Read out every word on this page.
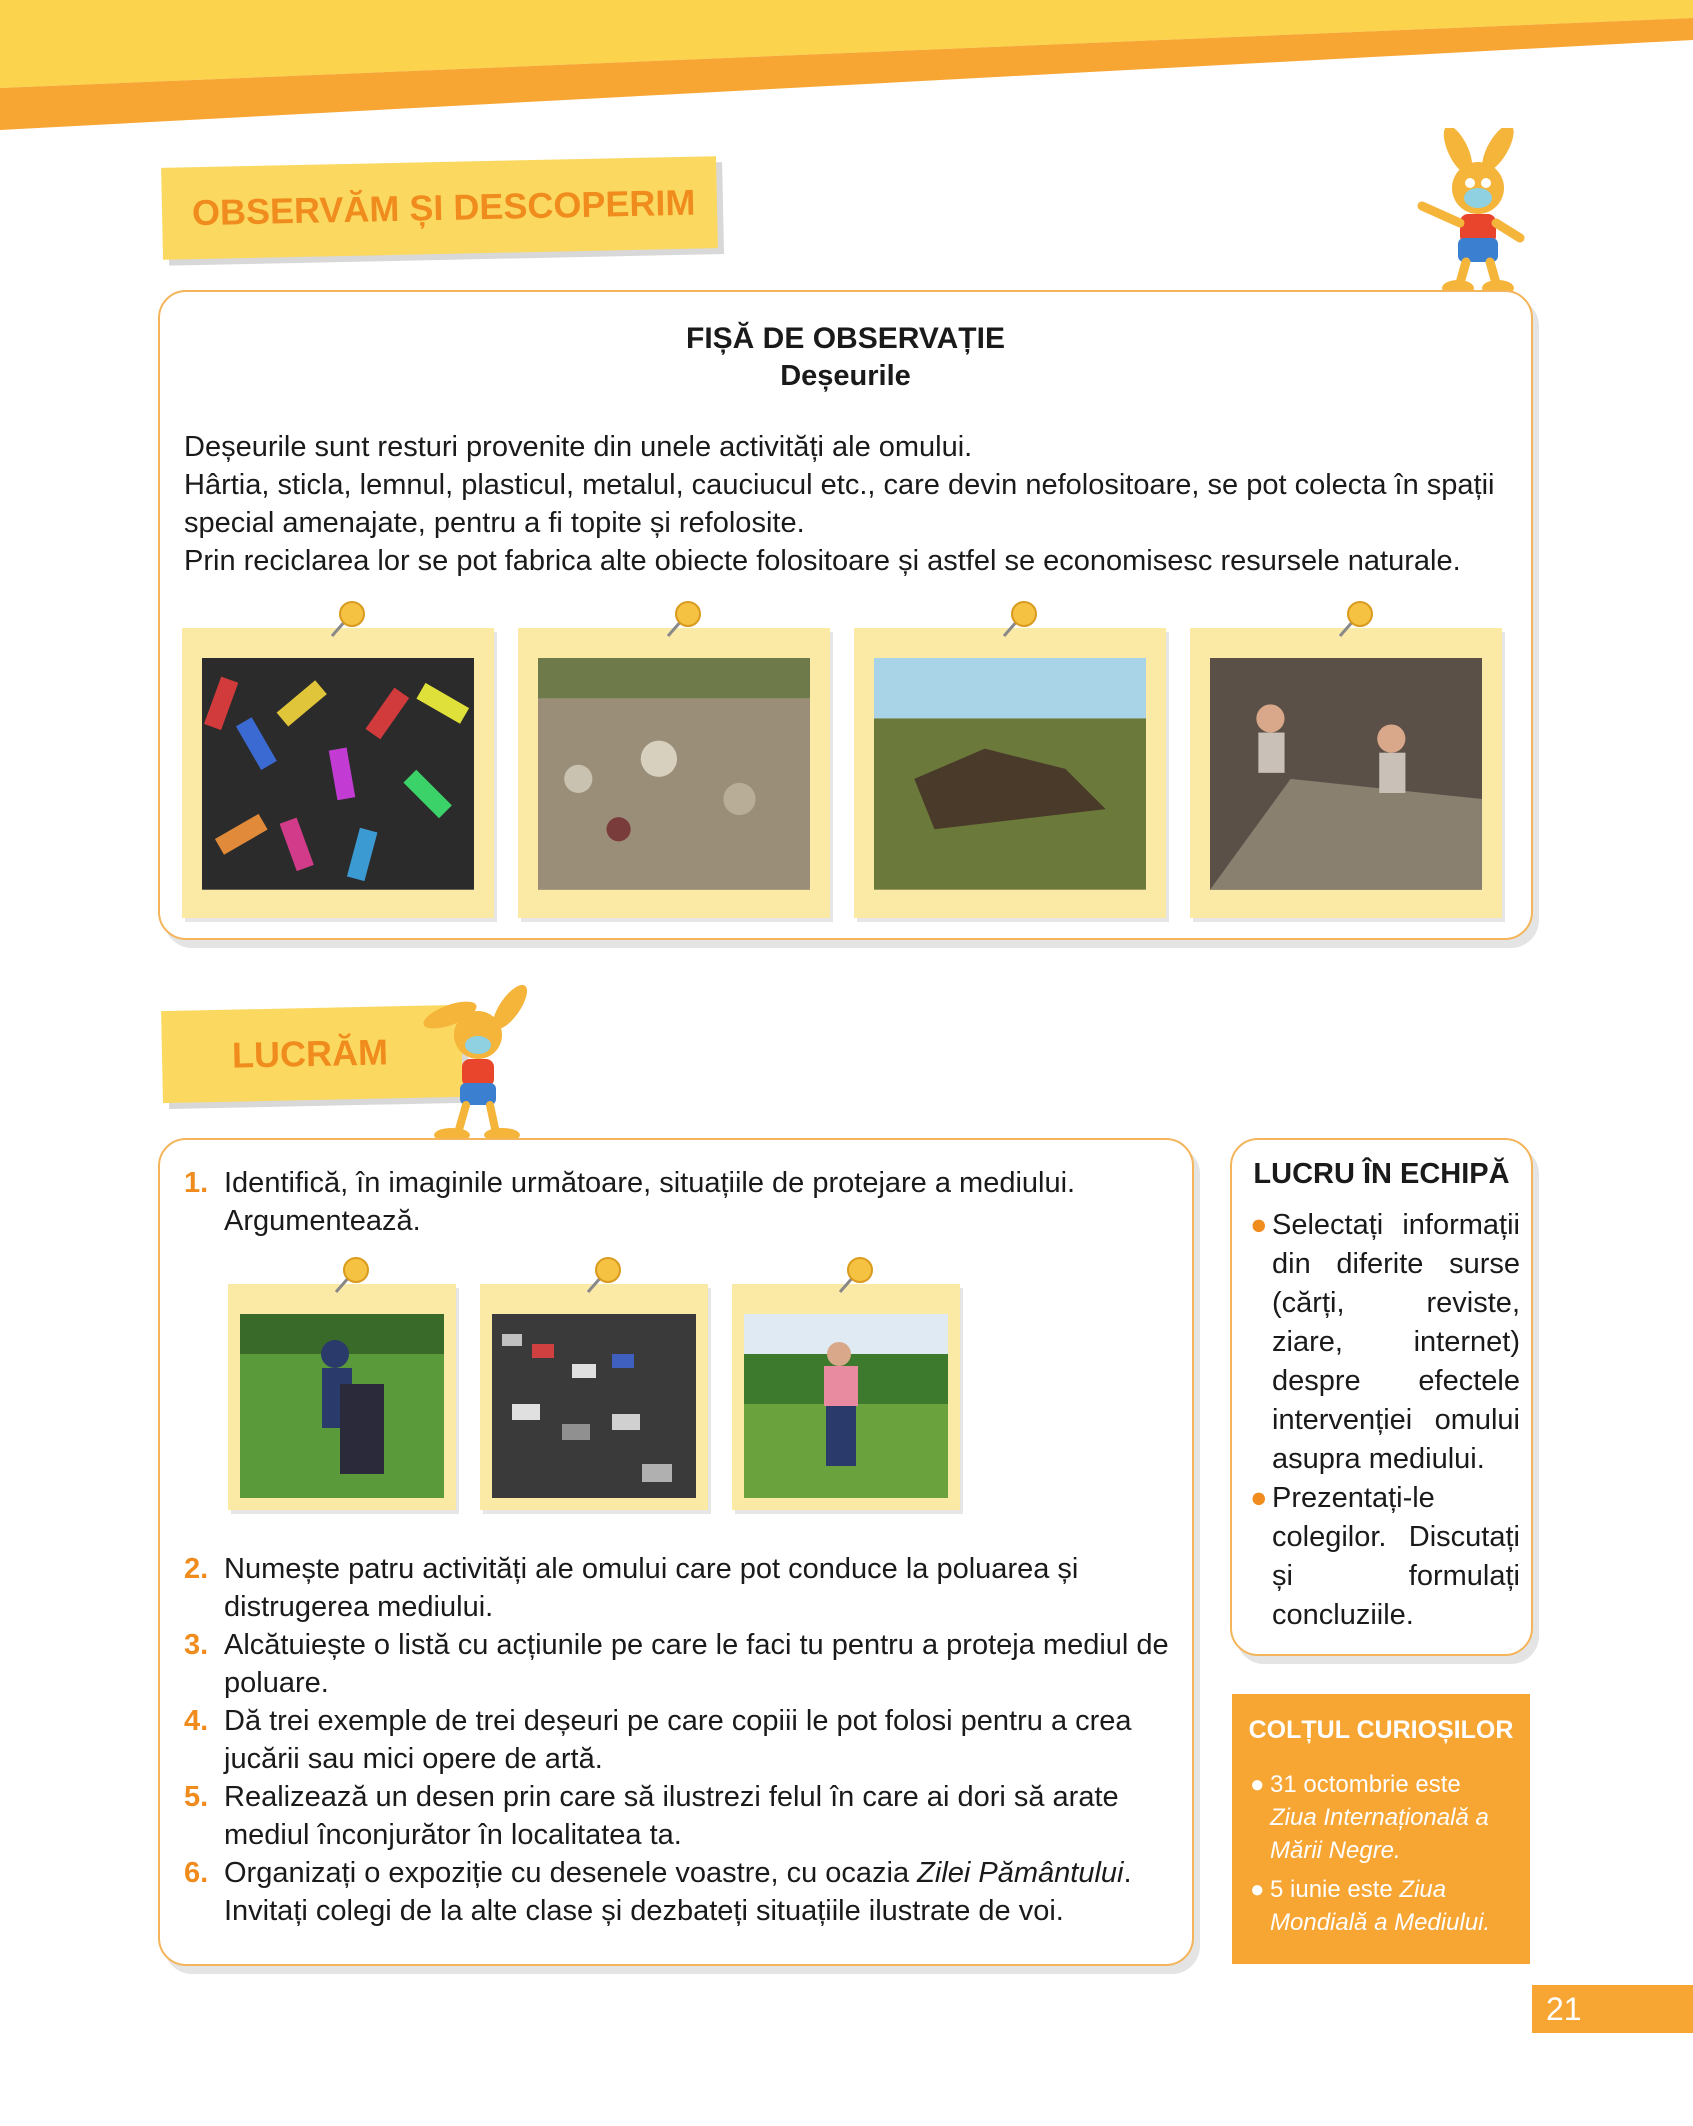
OBSERVĂM ȘI DESCOPERIM
FIȘĂ DE OBSERVAȚIE
Deșeurile

Deșeurile sunt resturi provenite din unele activități ale omului.

Hârtia, sticla, lemnul, plasticul, metalul, cauciucul etc., care devin nefolositoare, se pot colecta în spații special amenajate, pentru a fi topite și refolosite.

Prin reciclarea lor se pot fabrica alte obiecte folositoare și astfel se economisesc resursele naturale.

LUCRĂM

1. Identifică, în imaginile următoare, situațiile de protejare a mediului. Argumentează.

2. Numește patru activități ale omului care pot conduce la poluarea și distrugerea mediului.

3. Alcătuiește o listă cu acțiunile pe care le faci tu pentru a proteja mediul de poluare.

4. Dă trei exemple de trei deșeuri pe care copiii le pot folosi pentru a crea jucării sau mici opere de artă.

5. Realizează un desen prin care să ilustrezi felul în care ai dori să arate mediul înconjurător în localitatea ta.

6. Organizați o expoziție cu desenele voastre, cu ocazia Zilei Pământului. Invitați colegi de la alte clase și dezbateți situațiile ilustrate de voi.

LUCRU ÎN ECHIPĂ

● Selectați informații din diferite surse (cărți, reviste, ziare, internet) despre efectele intervenției omului asupra mediului.

● Prezentați-le colegilor. Discutați și formulați concluziile.

COLȚUL CURIOȘILOR

● 31 octombrie este Ziua Internațională a Mării Negre.

● 5 iunie este Ziua Mondială a Mediului.

21
